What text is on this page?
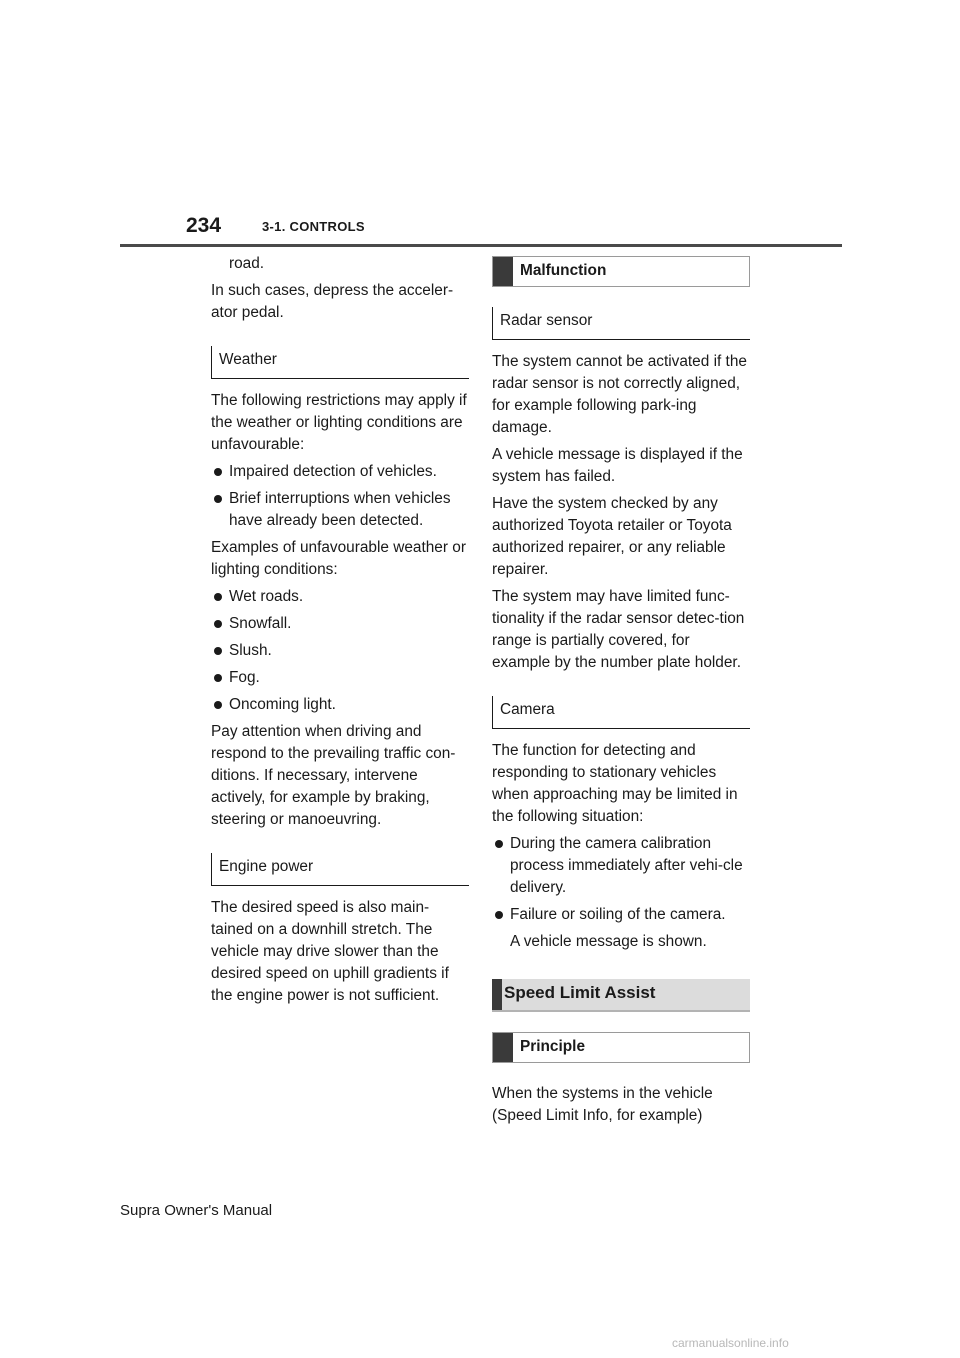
234	3-1. CONTROLS

road.

In such cases, depress the acceler-ator pedal.

Weather

The following restrictions may apply if the weather or lighting conditions are unfavourable:

Impaired detection of vehicles.
Brief interruptions when vehicles have already been detected.

Examples of unfavourable weather or lighting conditions:

Wet roads.
Snowfall.
Slush.
Fog.
Oncoming light.

Pay attention when driving and respond to the prevailing traffic con-ditions. If necessary, intervene actively, for example by braking, steering or manoeuvring.

Engine power

The desired speed is also main-tained on a downhill stretch. The vehicle may drive slower than the desired speed on uphill gradients if the engine power is not sufficient.

Malfunction
Radar sensor

The system cannot be activated if the radar sensor is not correctly aligned, for example following park-ing damage.

A vehicle message is displayed if the system has failed.

Have the system checked by any authorized Toyota retailer or Toyota authorized repairer, or any reliable repairer.

The system may have limited func-tionality if the radar sensor detec-tion range is partially covered, for example by the number plate holder.

Camera

The function for detecting and responding to stationary vehicles when approaching may be limited in the following situation:

During the camera calibration process immediately after vehi-cle delivery.
Failure or soiling of the camera.

A vehicle message is shown.

Speed Limit Assist
Principle

When the systems in the vehicle (Speed Limit Info, for example)

Supra Owner's Manual
carmanualsonline.info
